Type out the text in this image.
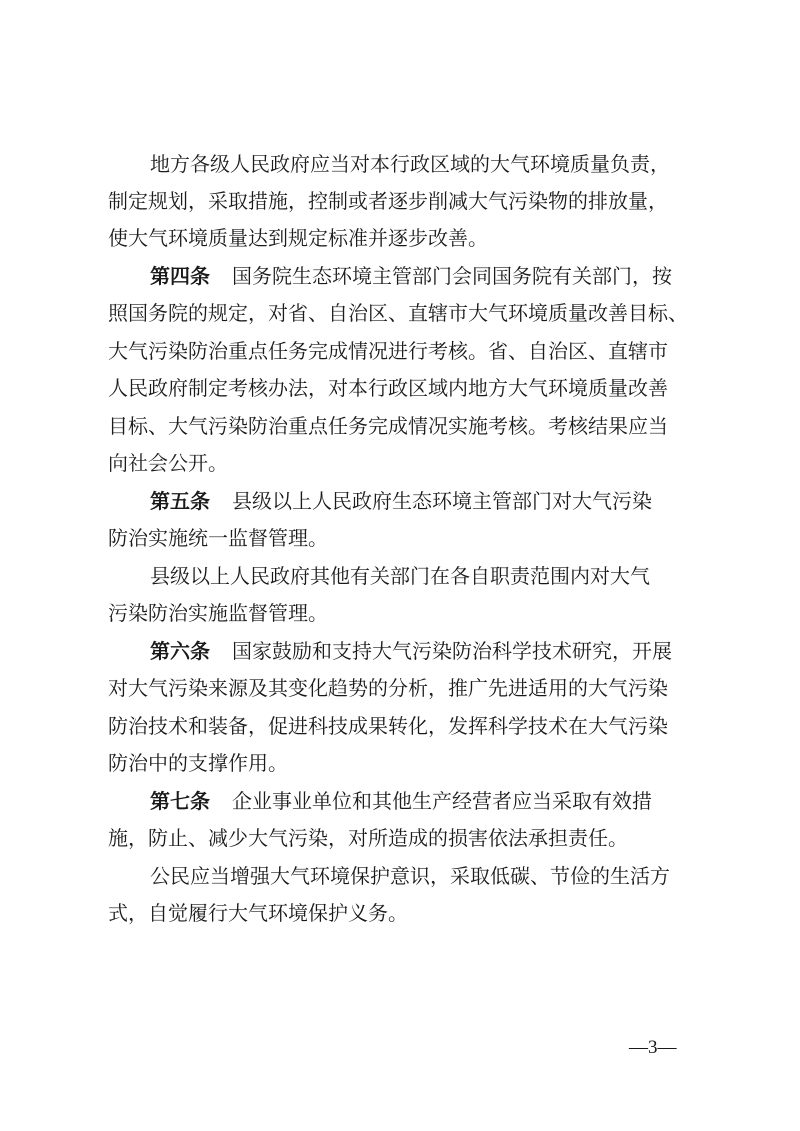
地方各级人民政府应当对本行政区域的大气环境质量负责，
制定规划，采取措施，控制或者逐步削减大气污染物的排放量，
使大气环境质量达到规定标准并逐步改善。
第四条 国务院生态环境主管部门会同国务院有关部门，按
照国务院的规定，对省、自治区、直辖市大气环境质量改善目标、
大气污染防治重点任务完成情况进行考核。省、自治区、直辖市
人民政府制定考核办法，对本行政区域内地方大气环境质量改善
目标、大气污染防治重点任务完成情况实施考核。考核结果应当
向社会公开。
第五条 县级以上人民政府生态环境主管部门对大气污染
防治实施统一监督管理。
县级以上人民政府其他有关部门在各自职责范围内对大气
污染防治实施监督管理。
第六条 国家鼓励和支持大气污染防治科学技术研究，开展
对大气污染来源及其变化趋势的分析，推广先进适用的大气污染
防治技术和装备，促进科技成果转化，发挥科学技术在大气污染
防治中的支撑作用。
第七条 企业事业单位和其他生产经营者应当采取有效措
施，防止、减少大气污染，对所造成的损害依法承担责任。
公民应当增强大气环境保护意识，采取低碳、节俭的生活方
式，自觉履行大气环境保护义务。
—3—
